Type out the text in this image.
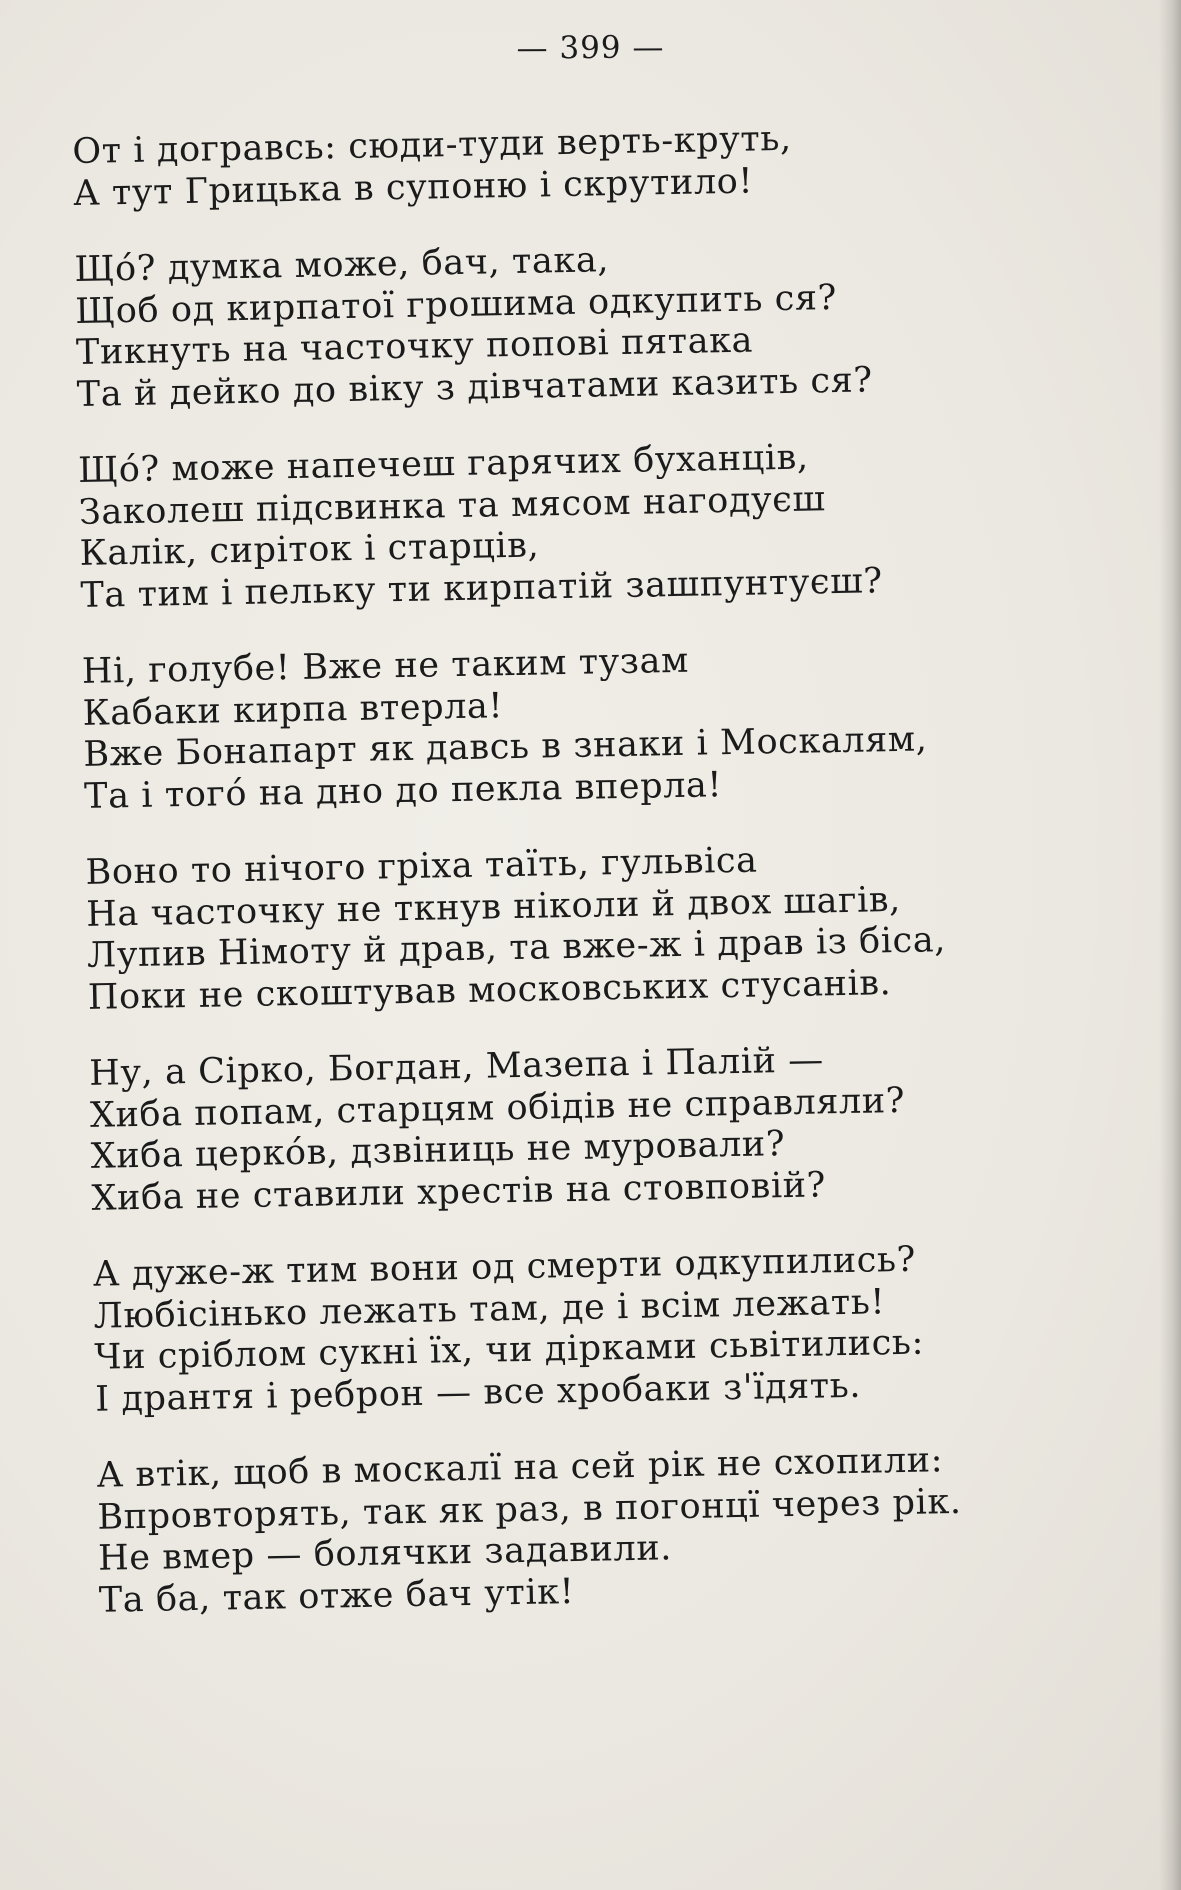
— 399 —
От і догравсь: сюди-туди верть-круть,
А тут Грицька в супоню і скрутило!
Щó? думка може, бач, така,
Щоб од кирпатої грошима одкупить ся?
Тикнуть на часточку попові пятака
Та й дейко до віку з дівчатами казить ся?
Щó? може напечеш гарячих буханців,
Заколеш підсвинка та мясом нагодуєш
Калік, сиріток і старців,
Та тим і пельку ти кирпатій зашпунтуєш?
Ні, голубе! Вже не таким тузам
Кабаки кирпа втерла!
Вже Бонапарт як давсь в знаки і Москалям,
Та і тогó на дно до пекла вперла!
Воно то нічого гріха таїть, гульвіса
На часточку не ткнув ніколи й двох шагів,
Лупив Німоту й драв, та вже-ж і драв із біса,
Поки не скоштував московських стусанів.
Ну, а Сірко, Богдан, Мазепа і Палій —
Хиба попам, старцям обідів не справляли?
Хиба церкóв, дзвіниць не муровали?
Хиба не ставили хрестів на стовповій?
А дуже-ж тим вони од смерти одкупились?
Любісінько лежать там, де і всім лежать!
Чи сріблом сукні їх, чи дірками сьвітились:
І дрантя і реброн — все хробаки з'їдять.
А втік, щоб в москалї на сей рік не схопили:
Впровторять, так як раз, в погонцї через рік.
Не вмер — болячки задавили.
Та ба, так отже бач утік!
